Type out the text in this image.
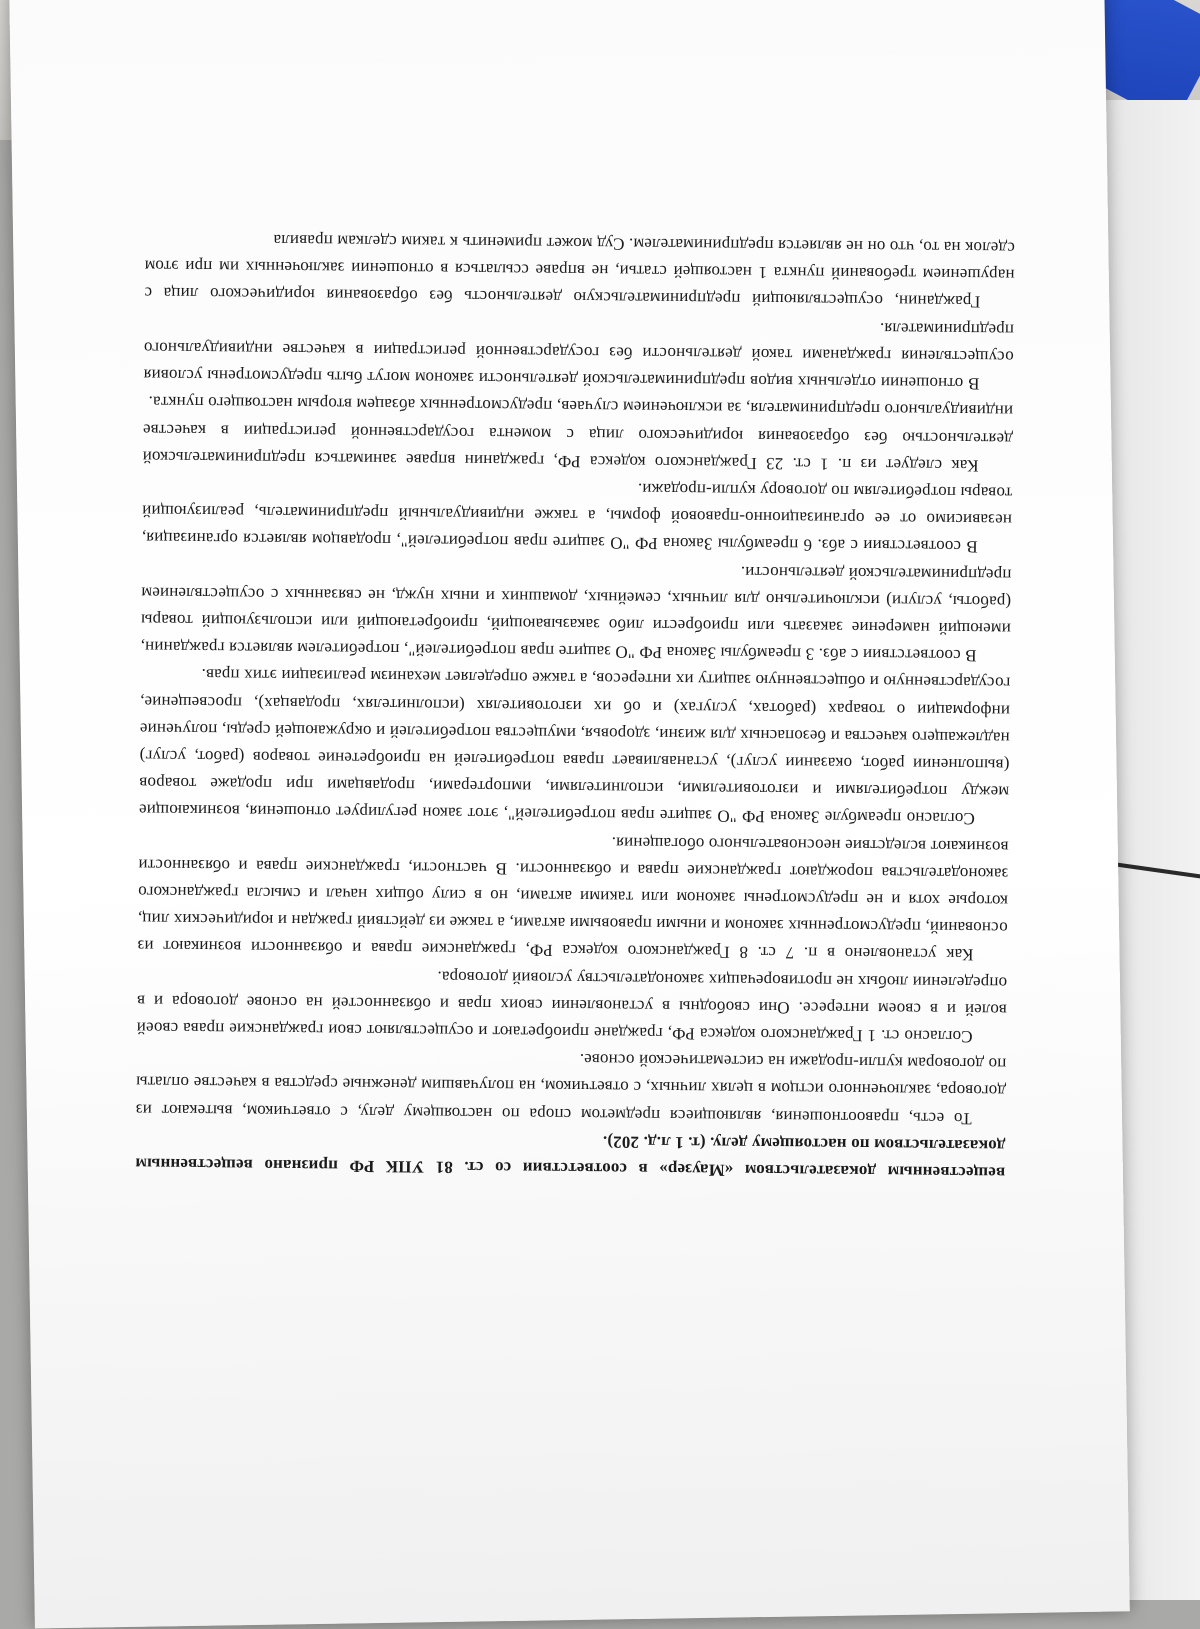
вещественным доказательством «Маузер» в соответствии со ст. 81 УПК РФ признано вещественным доказательством по настоящему делу. (т. 1 л.д. 202).

То есть, правоотношения, являющиеся предметом спора по настоящему делу, с ответчиком, вытекают из договора, заключенного истцом в целях личных, с ответчиком, на получавшим денежные средства в качестве оплаты по договорам купли-продажи на систематической основе.

Согласно ст. 1 Гражданского кодекса РФ, граждане приобретают и осуществляют свои гражданские права своей волей и в своем интересе. Они свободны в установлении своих прав и обязанностей на основе договора и в определении любых не противоречащих законодательству условий договора.

Как установлено в п. 7 ст. 8 Гражданского кодекса РФ, гражданские права и обязанности возникают из оснований, предусмотренных законом и иными правовыми актами, а также из действий граждан и юридических лиц, которые хотя и не предусмотрены законом или такими актами, но в силу общих начал и смысла гражданского законодательства порождают гражданские права и обязанности. В частности, гражданские права и обязанности возникают вследствие неосновательного обогащения.

Согласно преамбуле Закона РФ "О защите прав потребителей", этот закон регулирует отношения, возникающие между потребителями и изготовителями, исполнителями, импортерами, продавцами при продаже товаров (выполнении работ, оказании услуг), устанавливает права потребителей на приобретение товаров (работ, услуг) надлежащего качества и безопасных для жизни, здоровья, имущества потребителей и окружающей среды, получение информации о товарах (работах, услугах) и об их изготовителях (исполнителях, продавцах), просвещение, государственную и общественную защиту их интересов, а также определяет механизм реализации этих прав.

В соответствии с абз. 3 преамбулы Закона РФ "О защите прав потребителей", потребителем является гражданин, имеющий намерение заказать или приобрести либо заказывающий, приобретающий или использующий товары (работы, услуги) исключительно для личных, семейных, домашних и иных нужд, не связанных с осуществлением предпринимательской деятельности.

В соответствии с абз. 6 преамбулы Закона РФ "О защите прав потребителей", продавцом является организация, независимо от ее организационно-правовой формы, а также индивидуальный предприниматель, реализующий товары потребителям по договору купли-продажи.

Как следует из п. 1 ст. 23 Гражданского кодекса РФ, гражданин вправе заниматься предпринимательской деятельностью без образования юридического лица с момента государственной регистрации в качестве индивидуального предпринимателя, за исключением случаев, предусмотренных абзацем вторым настоящего пункта.

В отношении отдельных видов предпринимательской деятельности законом могут быть предусмотрены условия осуществления гражданами такой деятельности без государственной регистрации в качестве индивидуального предпринимателя.

Гражданин, осуществляющий предпринимательскую деятельность без образования юридического лица с нарушением требований пункта 1 настоящей статьи, не вправе ссылаться в отношении заключенных им при этом сделок на то, что он не является предпринимателем. Суд может применить к таким сделкам правила
